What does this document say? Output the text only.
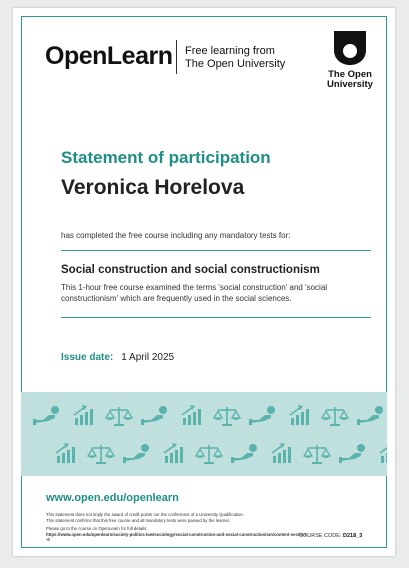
OpenLearn Free learning from
The Open University
The Open
University
Statement of participation
Veronica Horelova
has completed the free course including any mandatory tests for:
Social construction and social constructionism
This 1-hour free course examined the terms 'social construction' and 'social constructionism' which are frequently used in the social sciences.
Issue date: 1 April 2025
www.open.edu/openlearn
This statement does not imply the award of credit points nor the conferment of a University Qualification.
This statement confirms that this free course and all mandatory tests were passed by the learner.
Please go to the course on OpenLearn for full details:
https://www.open.edu/openlearn/society-politics-law/sociology/social-construction-and-social-constructionism/content-section-0
COURSE CODE: D218_3
